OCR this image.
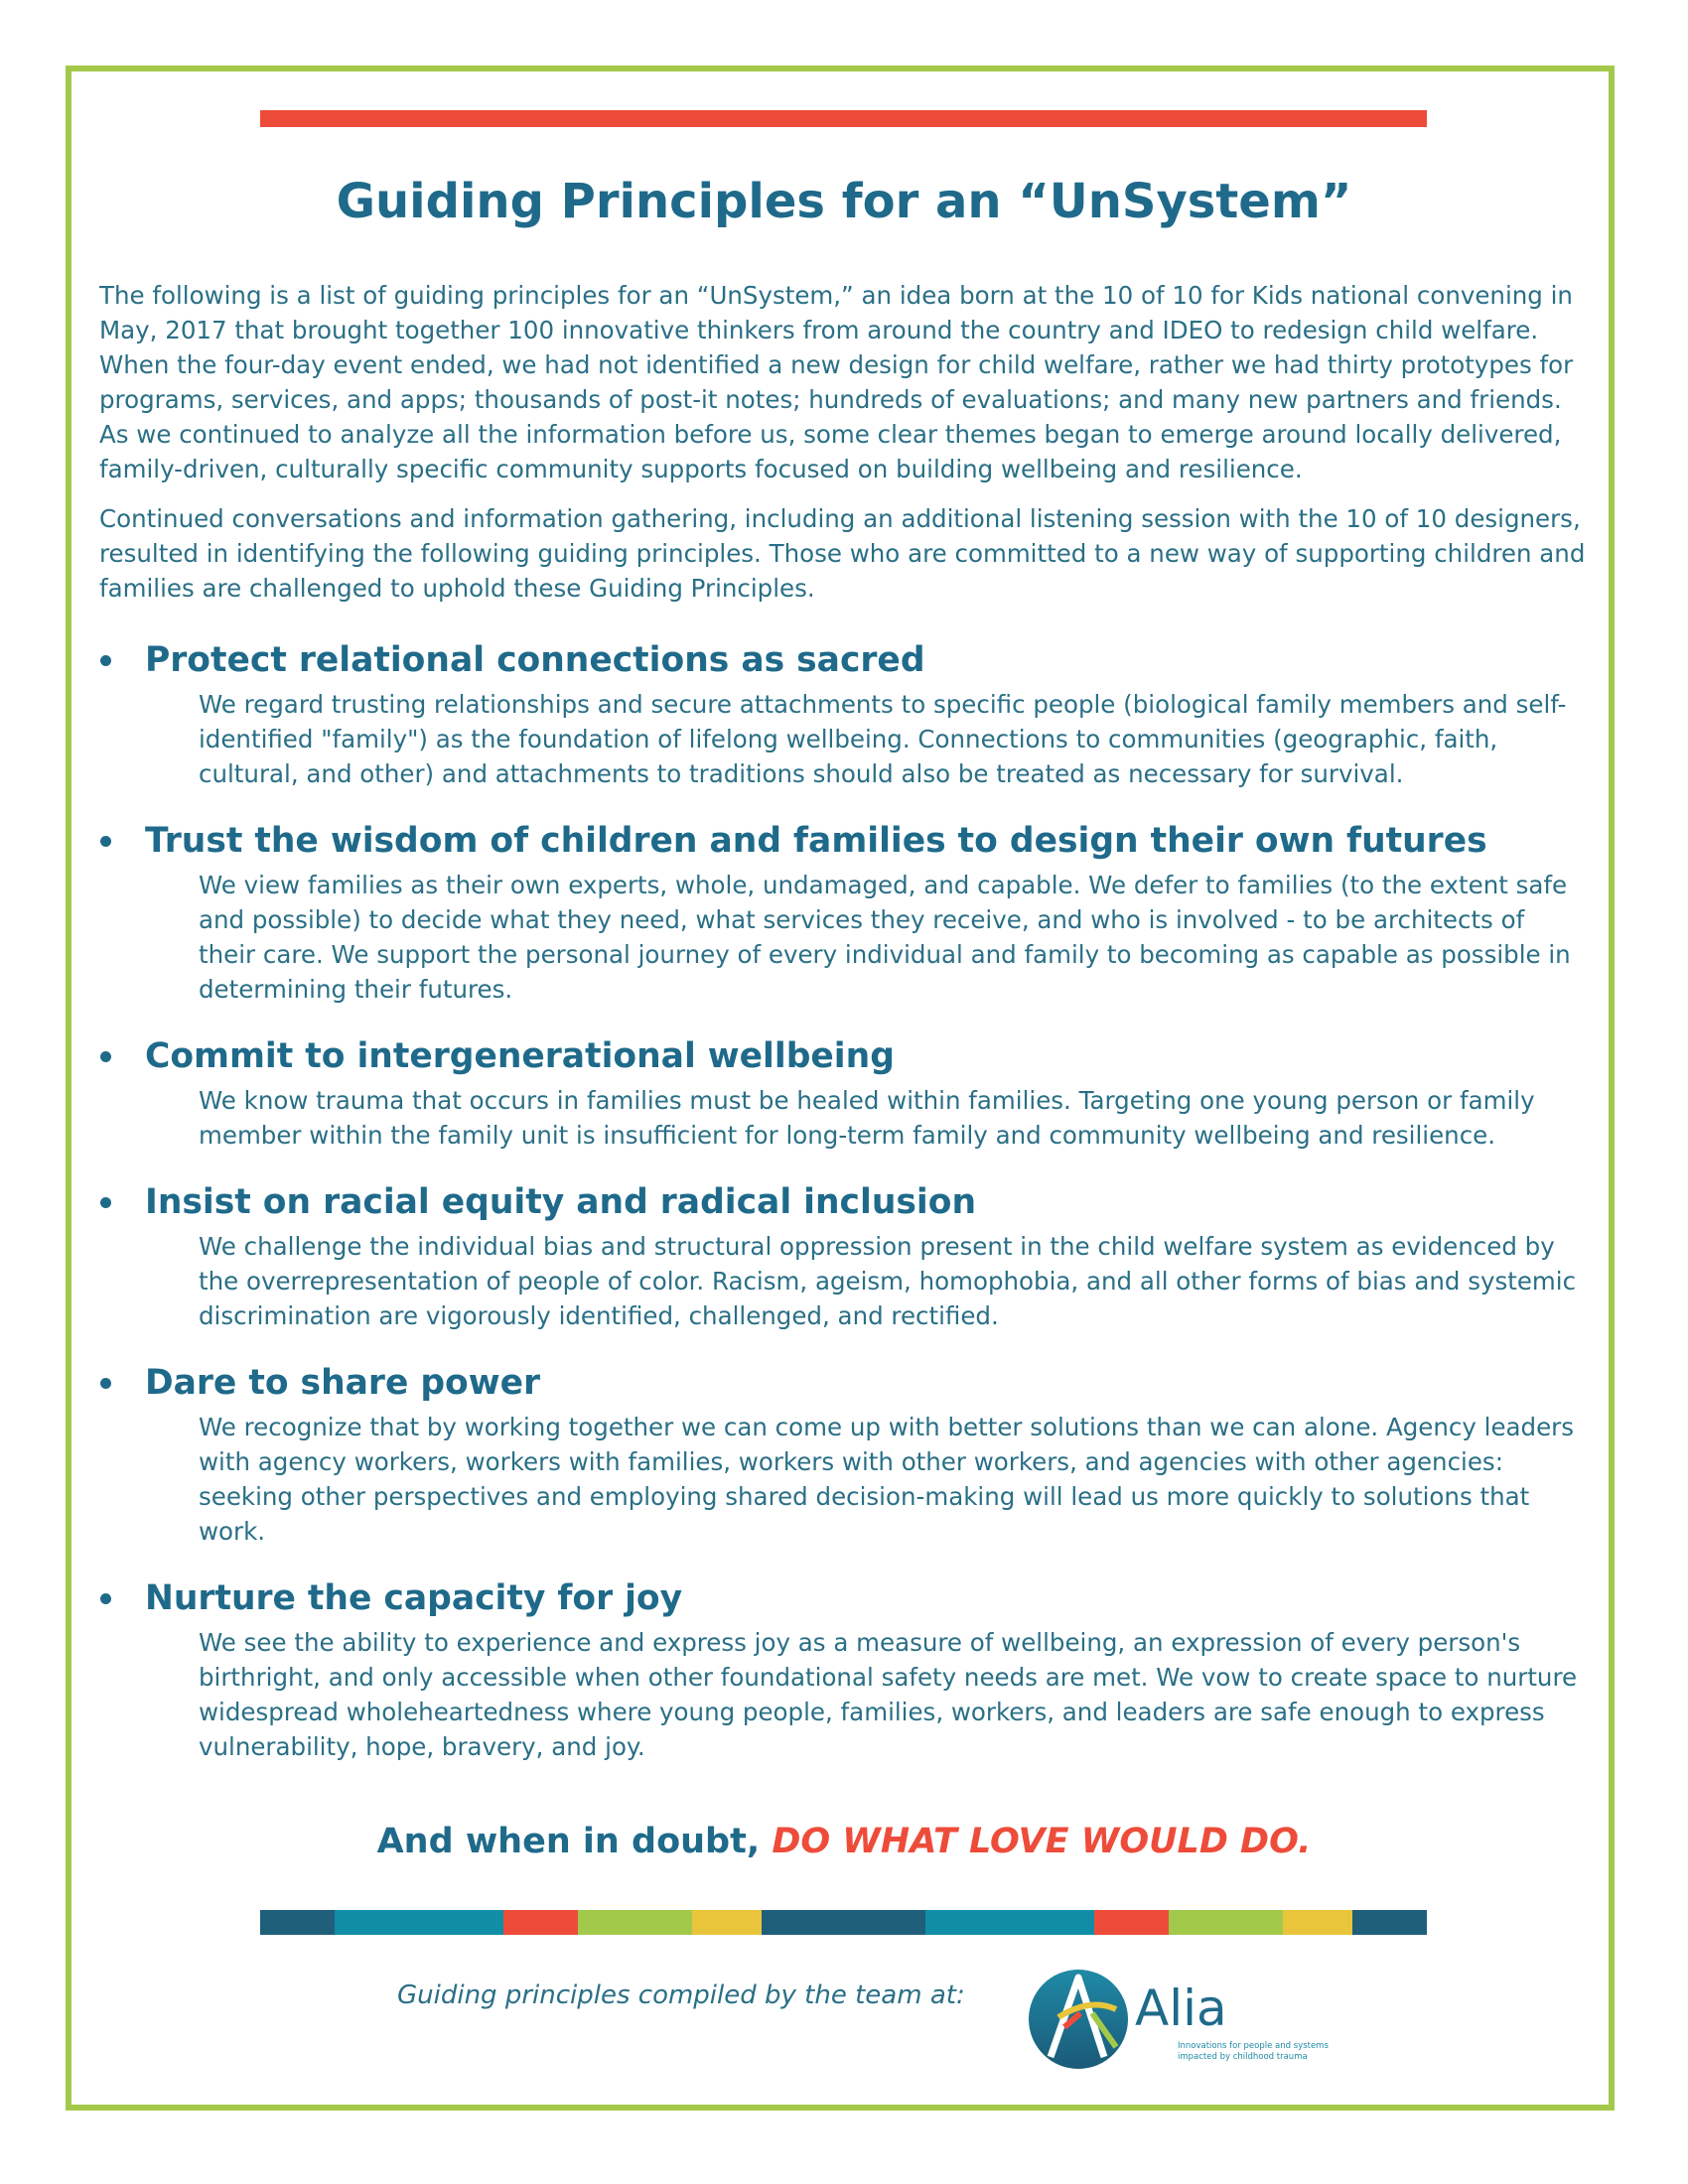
Guiding Principles for an “UnSystem”

The following is a list of guiding principles for an “UnSystem,” an idea born at the 10 of 10 for Kids national convening in May, 2017 that brought together 100 innovative thinkers from around the country and IDEO to redesign child welfare. When the four-day event ended, we had not identified a new design for child welfare, rather we had thirty prototypes for programs, services, and apps; thousands of post-it notes; hundreds of evaluations; and many new partners and friends. As we continued to analyze all the information before us, some clear themes began to emerge around locally delivered, family-driven, culturally specific community supports focused on building wellbeing and resilience.

Continued conversations and information gathering, including an additional listening session with the 10 of 10 designers, resulted in identifying the following guiding principles. Those who are committed to a new way of supporting children and families are challenged to uphold these Guiding Principles.

Protect relational connections as sacred
We regard trusting relationships and secure attachments to specific people (biological family members and self-identified "family") as the foundation of lifelong wellbeing. Connections to communities (geographic, faith, cultural, and other) and attachments to traditions should also be treated as necessary for survival.
Trust the wisdom of children and families to design their own futures
We view families as their own experts, whole, undamaged, and capable. We defer to families (to the extent safe and possible) to decide what they need, what services they receive, and who is involved - to be architects of their care. We support the personal journey of every individual and family to becoming as capable as possible in determining their futures.
Commit to intergenerational wellbeing
We know trauma that occurs in families must be healed within families. Targeting one young person or family member within the family unit is insufficient for long-term family and community wellbeing and resilience.
Insist on racial equity and radical inclusion
We challenge the individual bias and structural oppression present in the child welfare system as evidenced by the overrepresentation of people of color. Racism, ageism, homophobia, and all other forms of bias and systemic discrimination are vigorously identified, challenged, and rectified.
Dare to share power
We recognize that by working together we can come up with better solutions than we can alone. Agency leaders with agency workers, workers with families, workers with other workers, and agencies with other agencies: seeking other perspectives and employing shared decision-making will lead us more quickly to solutions that work.
Nurture the capacity for joy
We see the ability to experience and express joy as a measure of wellbeing, an expression of every person's birthright, and only accessible when other foundational safety needs are met. We vow to create space to nurture widespread wholeheartedness where young people, families, workers, and leaders are safe enough to express vulnerability, hope, bravery, and joy.
And when in doubt, DO WHAT LOVE WOULD DO.
Guiding principles compiled by the team at:	Alia
Innovations for people and systems impacted by childhood trauma
